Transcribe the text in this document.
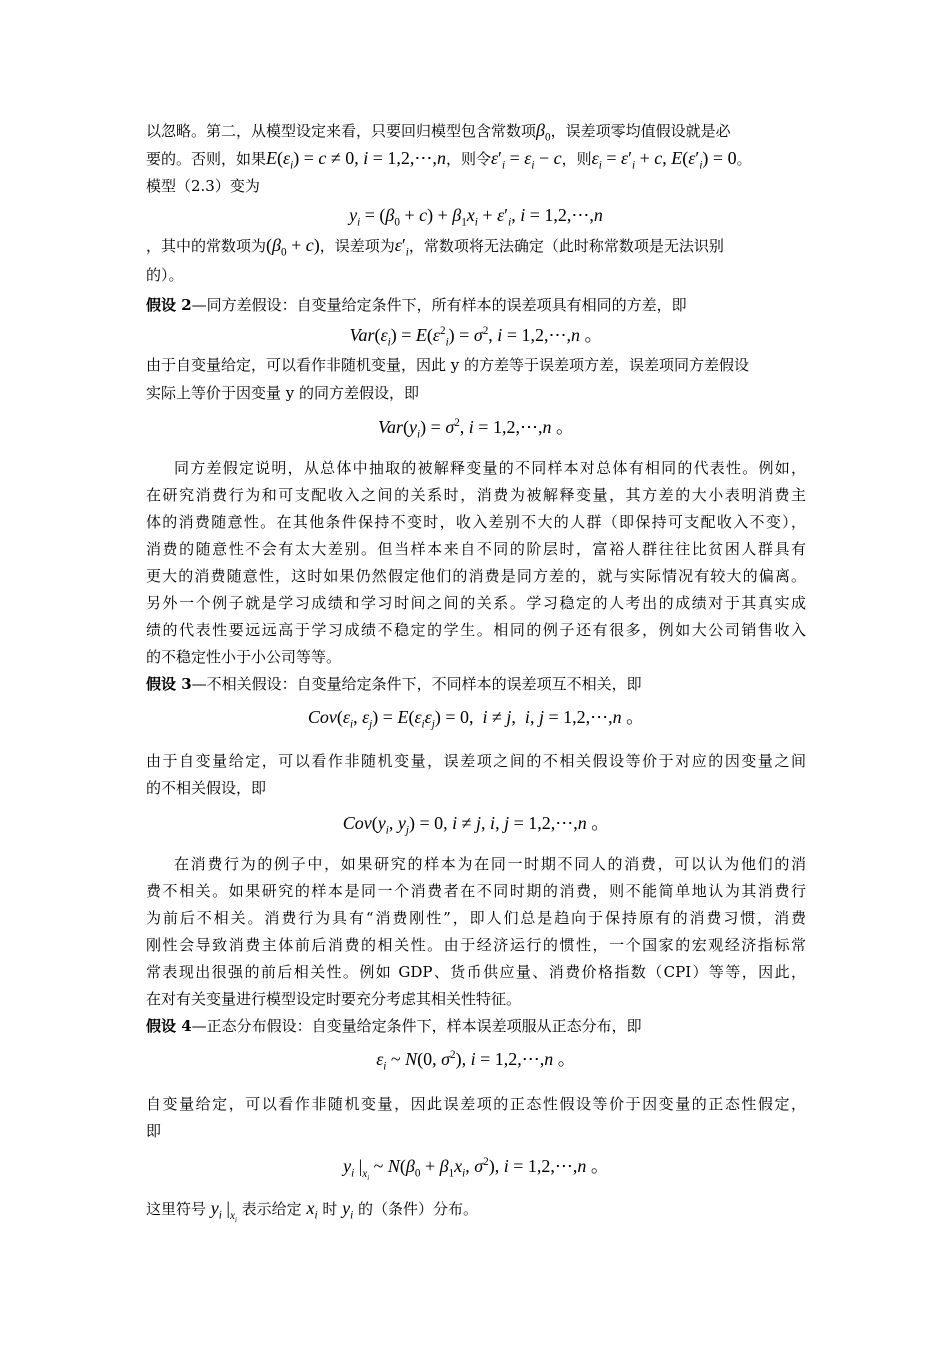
以忽略。第二，从模型设定来看，只要回归模型包含常数项$\beta_0$，误差项零均值假设就是必
要的。否则，如果$E(\varepsilon_i) = c \ne 0$, i = 1,2,⋯,n，则令$\varepsilon'_i = \varepsilon_i - c$，则$\varepsilon_i = \varepsilon'_i + c$, $E(\varepsilon'_i) = 0$。
模型（2.3）变为
$y_i = (\beta_0 + c) + \beta_1x_i + \varepsilon'_i$, i = 1,2,⋯,n
，其中的常数项为$(\beta_0 + c)$，误差项为$\varepsilon'_i$，常数项将无法确定（此时称常数项是无法识别
的）。
假设 2—同方差假设：自变量给定条件下，所有样本的误差项具有相同的方差，即
$Var(\varepsilon_i) = E(\varepsilon^2_i) = \sigma^2$, i = 1,2,⋯,n 。
由于自变量给定，可以看作非随机变量，因此 y 的方差等于误差项方差，误差项同方差假设
实际上等价于因变量 y 的同方差假设，即
$Var(y_i) = \sigma^2$, i = 1,2,⋯,n 。
同方差假定说明，从总体中抽取的被解释变量的不同样本对总体有相同的代表性。例如，
在研究消费行为和可支配收入之间的关系时，消费为被解释变量，其方差的大小表明消费主
体的消费随意性。在其他条件保持不变时，收入差别不大的人群（即保持可支配收入不变），
消费的随意性不会有太大差别。但当样本来自不同的阶层时，富裕人群往往比贫困人群具有
更大的消费随意性，这时如果仍然假定他们的消费是同方差的，就与实际情况有较大的偏离。
另外一个例子就是学习成绩和学习时间之间的关系。学习稳定的人考出的成绩对于其真实成
绩的代表性要远远高于学习成绩不稳定的学生。相同的例子还有很多，例如大公司销售收入
的不稳定性小于小公司等等。
假设 3—不相关假设：自变量给定条件下，不同样本的误差项互不相关，即
$Cov(\varepsilon_i$, $\varepsilon_j) = E(\varepsilon_i\varepsilon_j) = 0$,  i ≠ j,  i, j = 1,2,⋯,n 。
由于自变量给定，可以看作非随机变量，误差项之间的不相关假设等价于对应的因变量之间
的不相关假设，即
$Cov(y_i$, $y_j) = 0$, i ≠ j, i, j = 1,2,⋯,n 。
在消费行为的例子中，如果研究的样本为在同一时期不同人的消费，可以认为他们的消
费不相关。如果研究的样本是同一个消费者在不同时期的消费，则不能简单地认为其消费行
为前后不相关。消费行为具有“消费刚性”，即人们总是趋向于保持原有的消费习惯，消费
刚性会导致消费主体前后消费的相关性。由于经济运行的惯性，一个国家的宏观经济指标常
常表现出很强的前后相关性。例如 GDP、货币供应量、消费价格指数（CPI）等等，因此，
在对有关变量进行模型设定时要充分考虑其相关性特征。
假设 4—正态分布假设：自变量给定条件下，样本误差项服从正态分布，即
$\varepsilon_i$ ~ N(0, $\sigma^2$), i = 1,2,⋯,n 。
自变量给定，可以看作非随机变量，因此误差项的正态性假设等价于因变量的正态性假定，
即
$y_i$ $|_{x_i}$ ~ $N(\beta_0 + \beta_1x_i$, $\sigma^2$), i = 1,2,⋯,n 。
这里符号 $y_i$ $|_{x_i}$ 表示给定 $x_i$ 时 $y_i$ 的（条件）分布。
